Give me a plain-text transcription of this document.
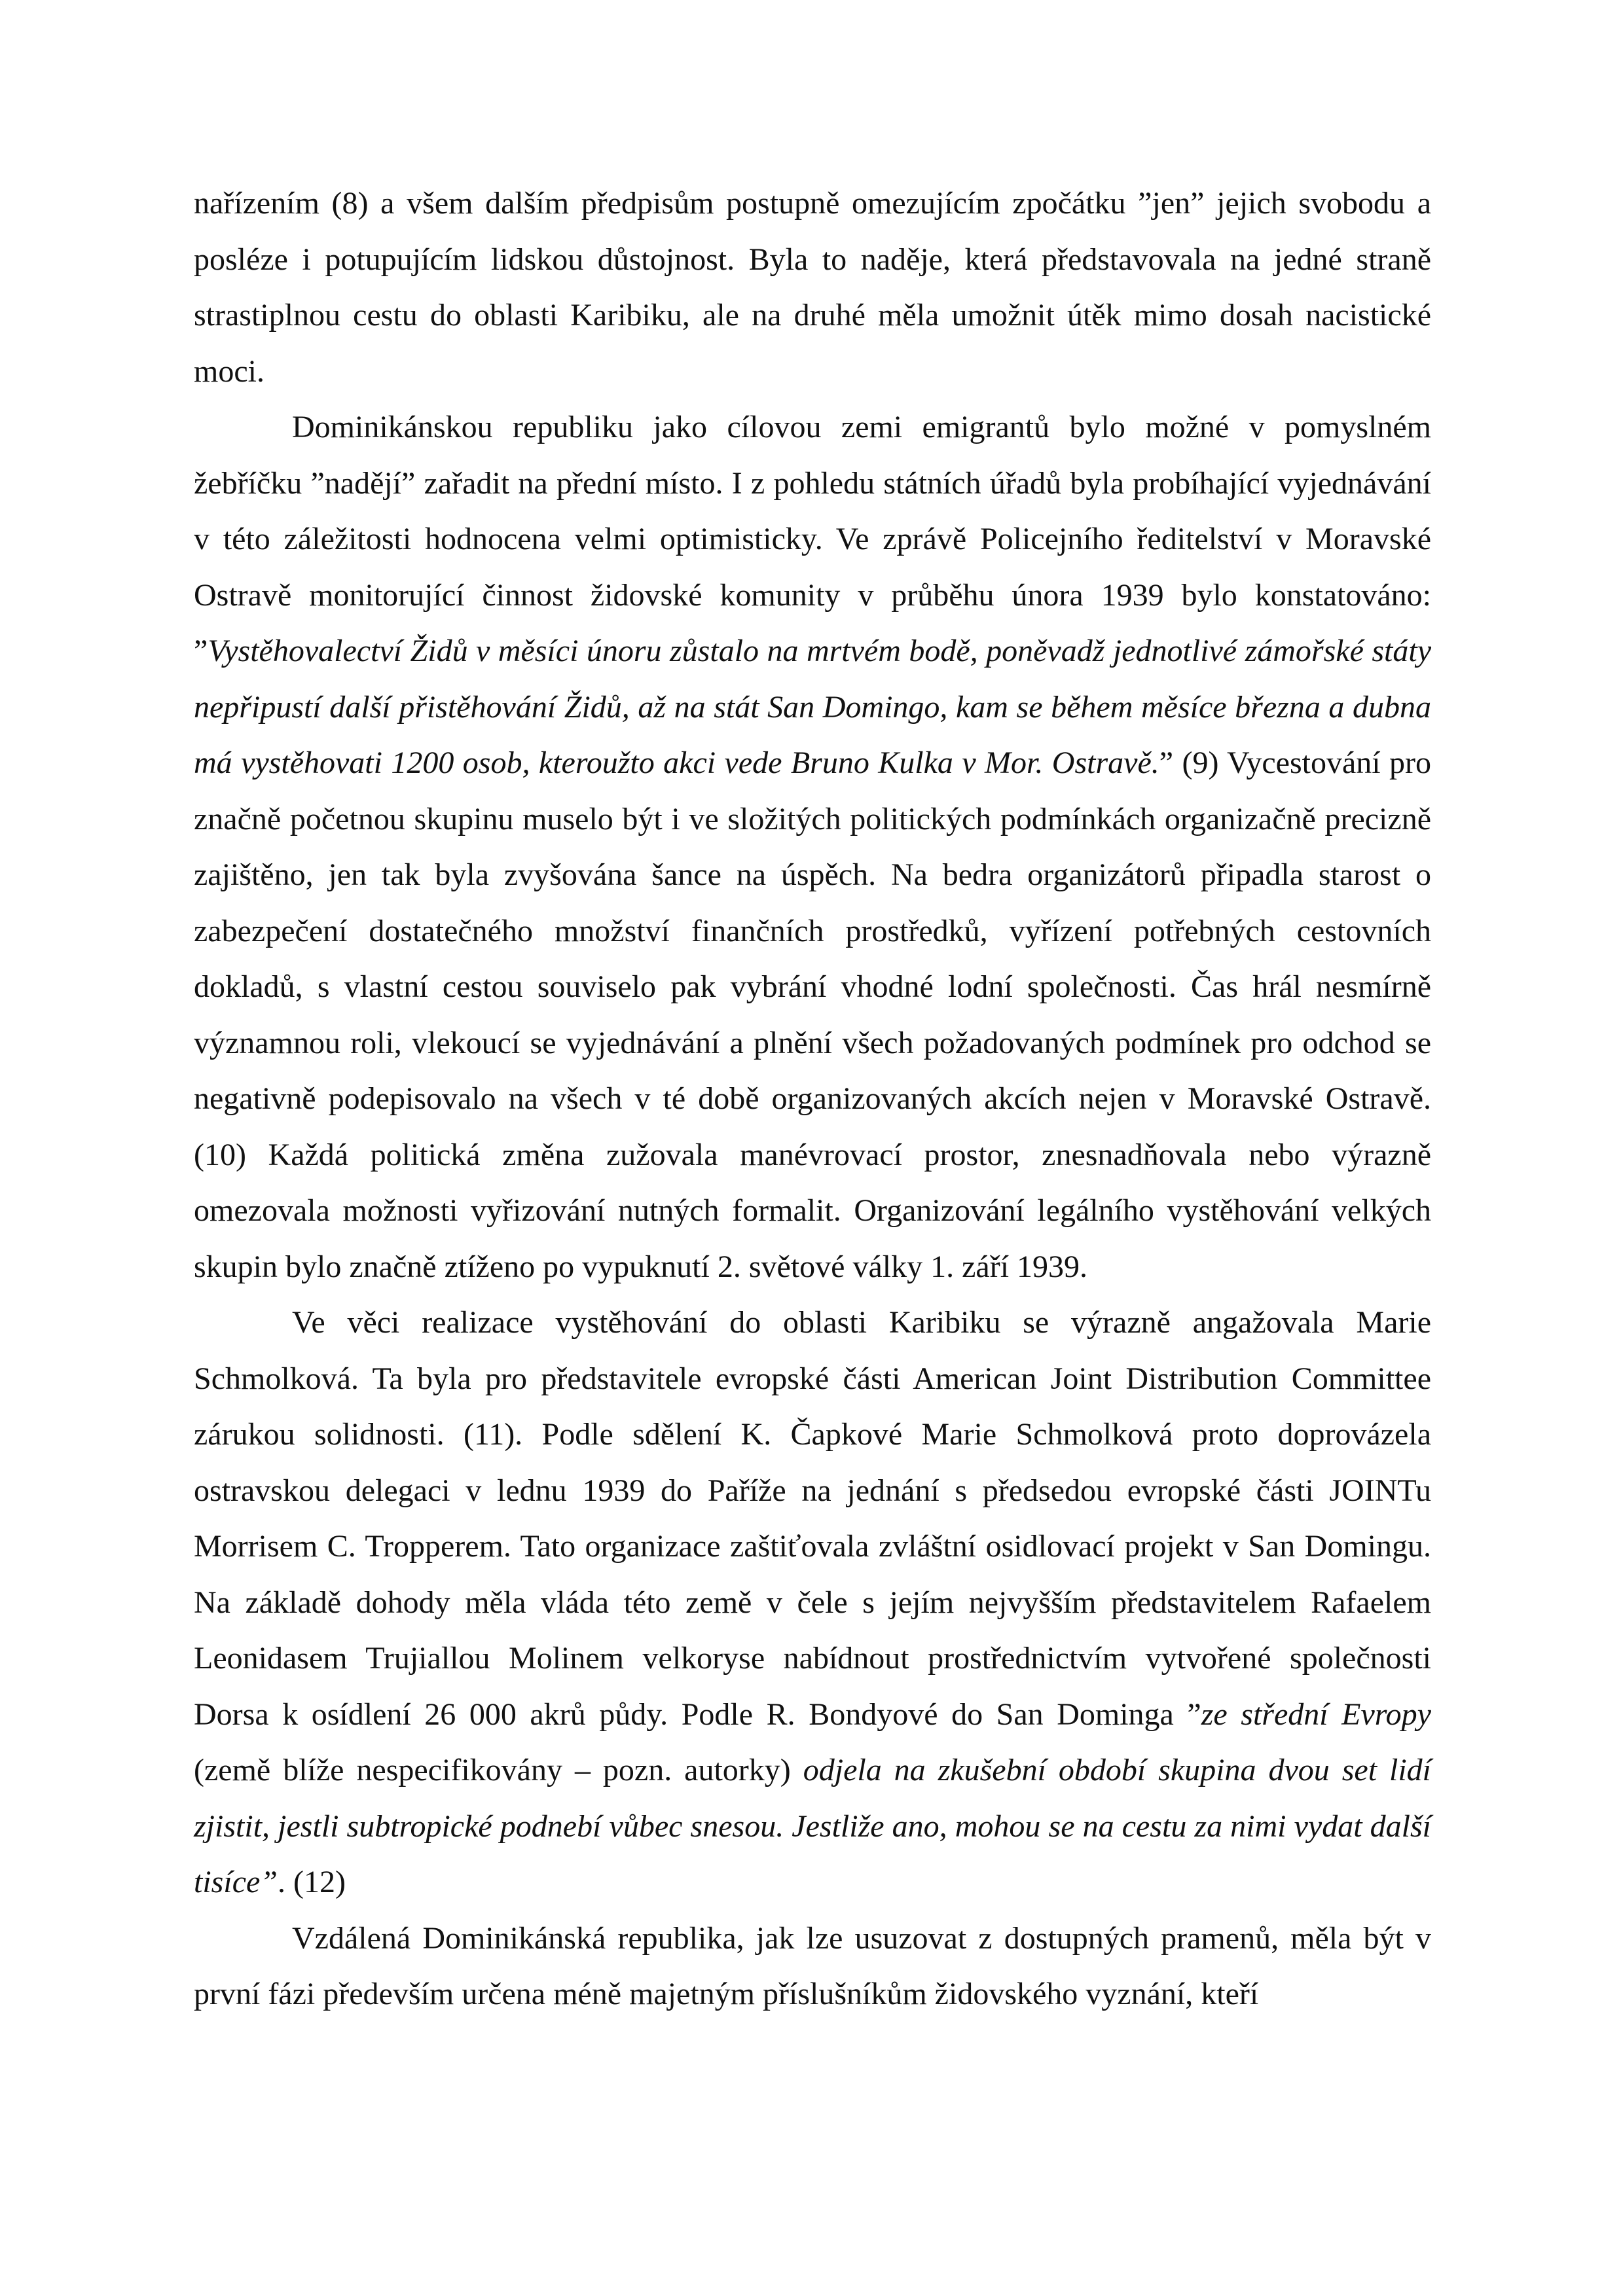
nařízením (8) a všem dalším předpisům postupně omezujícím zpočátku ”jen” jejich svobodu a posléze i potupujícím lidskou důstojnost. Byla to naděje, která představovala na jedné straně strastiplnou cestu do oblasti Karibiku, ale na druhé měla umožnit útěk mimo dosah nacistické moci.

Dominikánskou republiku jako cílovou zemi emigrantů bylo možné v pomyslném žebříčku ”nadějí” zařadit na přední místo. I z pohledu státních úřadů byla probíhající vyjednávání v této záležitosti hodnocena velmi optimisticky. Ve zprávě Policejního ředitelství v Moravské Ostravě monitorující činnost židovské komunity v průběhu února 1939 bylo konstatováno: ”Vystěhovalectví Židů v měsíci únoru zůstalo na mrtvém bodě, poněvadž jednotlivé zámořské státy nepřipustí další přistěhování Židů, až na stát San Domingo, kam se během měsíce března a dubna má vystěhovati 1200 osob, kteroužto akci vede Bruno Kulka v Mor. Ostravě.” (9) Vycestování pro značně početnou skupinu muselo být i ve složitých politických podmínkách organizačně precizně zajištěno, jen tak byla zvyšována šance na úspěch. Na bedra organizátorů připadla starost o zabezpečení dostatečného množství finančních prostředků, vyřízení potřebných cestovních dokladů, s vlastní cestou souviselo pak vybrání vhodné lodní společnosti. Čas hrál nesmírně významnou roli, vlekoucí se vyjednávání a plnění všech požadovaných podmínek pro odchod se negativně podepisovalo na všech v té době organizovaných akcích nejen v Moravské Ostravě. (10) Každá politická změna zužovala manévrovací prostor, znesnadňovala nebo výrazně omezovala možnosti vyřizování nutných formalit. Organizování legálního vystěhování velkých skupin bylo značně ztíženo po vypuknutí 2. světové války 1. září 1939.

Ve věci realizace vystěhování do oblasti Karibiku se výrazně angažovala Marie Schmolková. Ta byla pro představitele evropské části American Joint Distribution Committee zárukou solidnosti. (11). Podle sdělení K. Čapkové Marie Schmolková proto doprovázela ostravskou delegaci v lednu 1939 do Paříže na jednání s předsedou evropské části JOINTu Morrisem C. Tropperem. Tato organizace zaštiťovala zvláštní osidlovací projekt v San Domingu. Na základě dohody měla vláda této země v čele s jejím nejvyšším představitelem Rafaelem Leonidasem Trujiallou Molinem velkoryse nabídnout prostřednictvím vytvořené společnosti Dorsa k osídlení 26 000 akrů půdy. Podle R. Bondyové do San Dominga ”ze střední Evropy (země blíže nespecifikovány – pozn. autorky) odjela na zkušební období skupina dvou set lidí zjistit, jestli subtropické podnebí vůbec snesou. Jestliže ano, mohou se na cestu za nimi vydat další tisíce”. (12)

Vzdálená Dominikánská republika, jak lze usuzovat z dostupných pramenů, měla být v první fázi především určena méně majetným příslušníkům židovského vyznání, kteří
